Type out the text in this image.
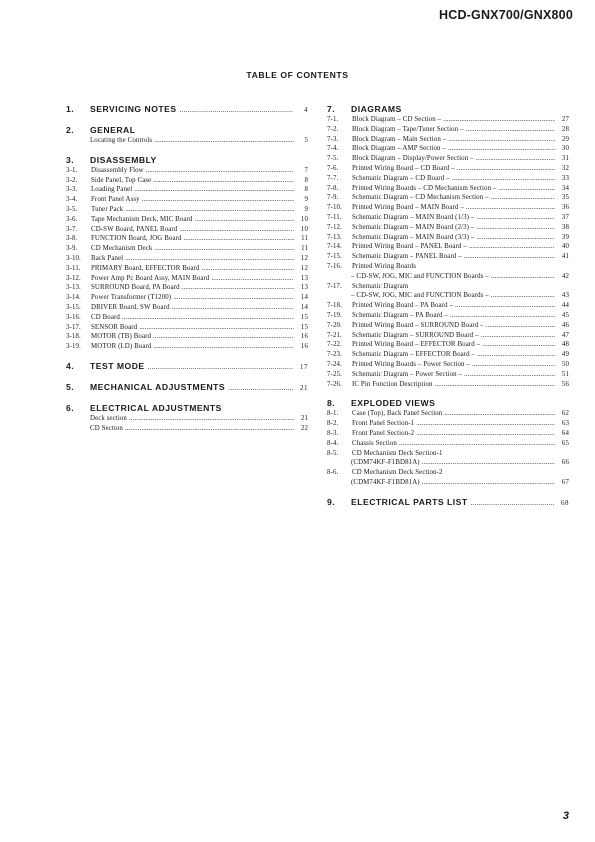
HCD-GNX700/GNX800
TABLE OF CONTENTS
1.	SERVICING NOTES .....	4
2.	GENERAL
Locating the Controls .....	5
3.	DISASSEMBLY
3-1.	Disassembly Flow .....	7
3-2.	Side Panel, Top Case .....	8
3-3.	Loading Panel .....	8
3-4.	Front Panel Assy .....	9
3-5.	Tuner Pack .....	9
3-6.	Tape Mechanism Deck, MIC Board .....	10
3-7.	CD-SW Board, PANEL Board .....	10
3-8.	FUNCTION Board, JOG Board .....	11
3-9.	CD Mechanism Deck .....	11
3-10.	Back Panel .....	12
3-11.	PRIMARY Board, EFFECTOR Board .....	12
3-12.	Power Amp Pc Board Assy, MAIN Board .....	13
3-13.	SURROUND Board, PA Board .....	13
3-14.	Power Transformer (T1200) .....	14
3-15.	DRIVER Board, SW Board .....	14
3-16.	CD Board .....	15
3-17.	SENSOR Board .....	15
3-18.	MOTOR (TB) Board .....	16
3-19.	MOTOR (LD) Board .....	16
4.	TEST MODE .....	17
5.	MECHANICAL ADJUSTMENTS .....	21
6.	ELECTRICAL ADJUSTMENTS
Deck section .....	21
CD Section .....	22
7.	DIAGRAMS
7-1.	Block Diagram – CD Section – .....	27
7-2.	Block Diagram – Tape/Tuner Section – .....	28
7-3.	Block Diagram – Main Section – .....	29
7-4.	Block Diagram – AMP Section – .....	30
7-5.	Block Diagram – Display/Power Section – .....	31
7-6.	Printed Wiring Board – CD Board – .....	32
7-7.	Schematic Diagram – CD Board – .....	33
7-8.	Printed Wiring Boards – CD Mechanism Section – .....	34
7-9.	Schematic Diagram – CD Mechanism Section – .....	35
7-10.	Printed Wiring Board – MAIN Board – .....	36
7-11.	Schematic Diagram – MAIN Board (1/3) – .....	37
7-12.	Schematic Diagram – MAIN Board (2/3) – .....	38
7-13.	Schematic Diagram – MAIN Board (3/3) – .....	39
7-14.	Printed Wiring Board – PANEL Board – .....	40
7-15.	Schematic Diagram – PANEL Board – .....	41
7-16.	Printed Wiring Boards
– CD-SW, JOG, MIC and FUNCTION Boards – .....	42
7-17.	Schematic Diagram
– CD-SW, JOG, MIC and FUNCTION Boards – .....	43
7-18.	Printed Wiring Board – PA Board – .....	44
7-19.	Schematic Diagram – PA Board – .....	45
7-20.	Printed Wiring Board – SURROUND Board – .....	46
7-21.	Schematic Diagram – SURROUND Board – .....	47
7-22.	Printed Wiring Board – EFFECTOR Board – .....	48
7-23.	Schematic Diagram – EFFECTOR Board – .....	49
7-24.	Printed Wiring Boards – Power Section – .....	50
7-25.	Schematic Diagram – Power Section – .....	51
7-26.	IC Pin Function Description .....	56
8.	EXPLODED VIEWS
8-1.	Case (Top), Back Panel Section .....	62
8-2.	Front Panel Section-1 .....	63
8-3.	Front Panel Section-2 .....	64
8-4.	Chassis Section .....	65
8-5.	CD Mechanism Deck Section-1
(CDM74KF-F1BD81A) .....	66
8-6.	CD Mechanism Deck Section-2
(CDM74KF-F1BD81A) .....	67
9.	ELECTRICAL PARTS LIST .....	68
3
